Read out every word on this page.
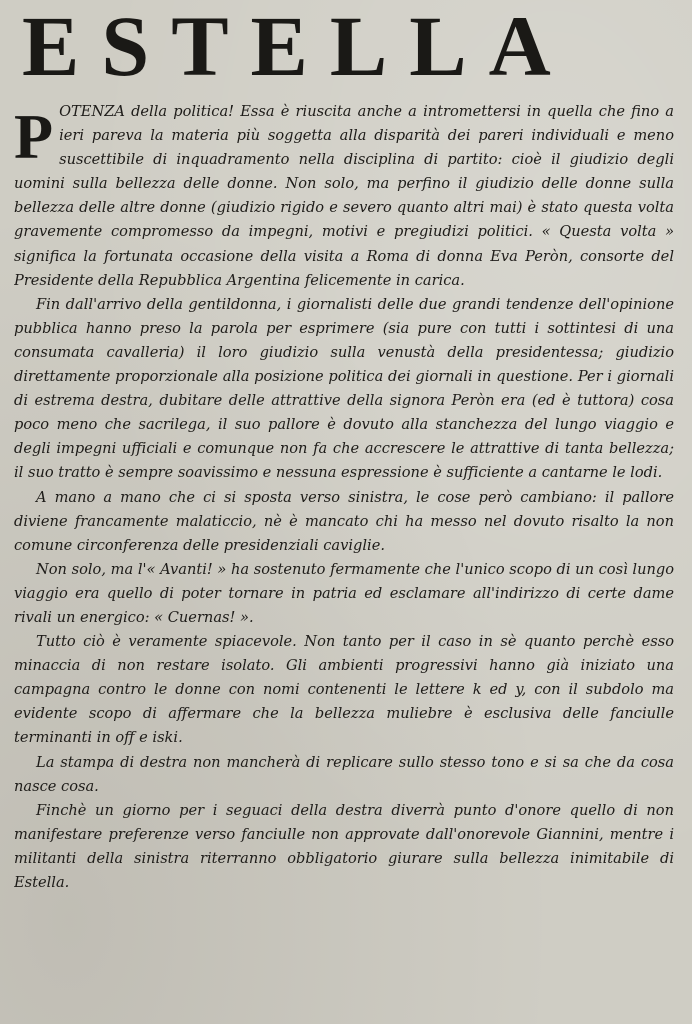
ESTELLA

POTENZA della politica! Essa è riuscita anche a intromettersi in quella che fino a ieri pareva la materia più soggetta alla disparità dei pareri individuali e meno suscettibile di inquadramento nella disciplina di partito: cioè il giudizio degli uomini sulla bellezza delle donne. Non solo, ma perfino il giudizio delle donne sulla bellezza delle altre donne (giudizio rigido e severo quanto altri mai) è stato questa volta gravemente compromesso da impegni, motivi e pregiudizi politici. « Questa volta » significa la fortunata occasione della visita a Roma di donna Eva Peròn, consorte del Presidente della Repubblica Argentina felicemente in carica.

Fin dall'arrivo della gentildonna, i giornalisti delle due grandi tendenze dell'opinione pubblica hanno preso la parola per esprimere (sia pure con tutti i sottintesi di una consumata cavalleria) il loro giudizio sulla venustà della presidentessa; giudizio direttamente proporzionale alla posizione politica dei giornali in questione. Per i giornali di estrema destra, dubitare delle attrattive della signora Peròn era (ed è tuttora) cosa poco meno che sacrilega, il suo pallore è dovuto alla stanchezza del lungo viaggio e degli impegni ufficiali e comunque non fa che accrescere le attrattive di tanta bellezza; il suo tratto è sempre soavissimo e nessuna espressione è sufficiente a cantarne le lodi.

A mano a mano che ci si sposta verso sinistra, le cose però cambiano: il pallore diviene francamente malaticcio, nè è mancato chi ha messo nel dovuto risalto la non comune circonferenza delle presidenziali caviglie.

Non solo, ma l'« Avanti! » ha sostenuto fermamente che l'unico scopo di un così lungo viaggio era quello di poter tornare in patria ed esclamare all'indirizzo di certe dame rivali un energico: « Cuernas! ».

Tutto ciò è veramente spiacevole. Non tanto per il caso in sè quanto perchè esso minaccia di non restare isolato. Gli ambienti progressivi hanno già iniziato una campagna contro le donne con nomi contenenti le lettere k ed y, con il subdolo ma evidente scopo di affermare che la bellezza muliebre è esclusiva delle fanciulle terminanti in off e iski.

La stampa di destra non mancherà di replicare sullo stesso tono e si sa che da cosa nasce cosa.

Finchè un giorno per i seguaci della destra diverrà punto d'onore quello di non manifestare preferenze verso fanciulle non approvate dall'onorevole Giannini, mentre i militanti della sinistra riterranno obbligatorio giurare sulla bellezza inimitabile di Estella.
